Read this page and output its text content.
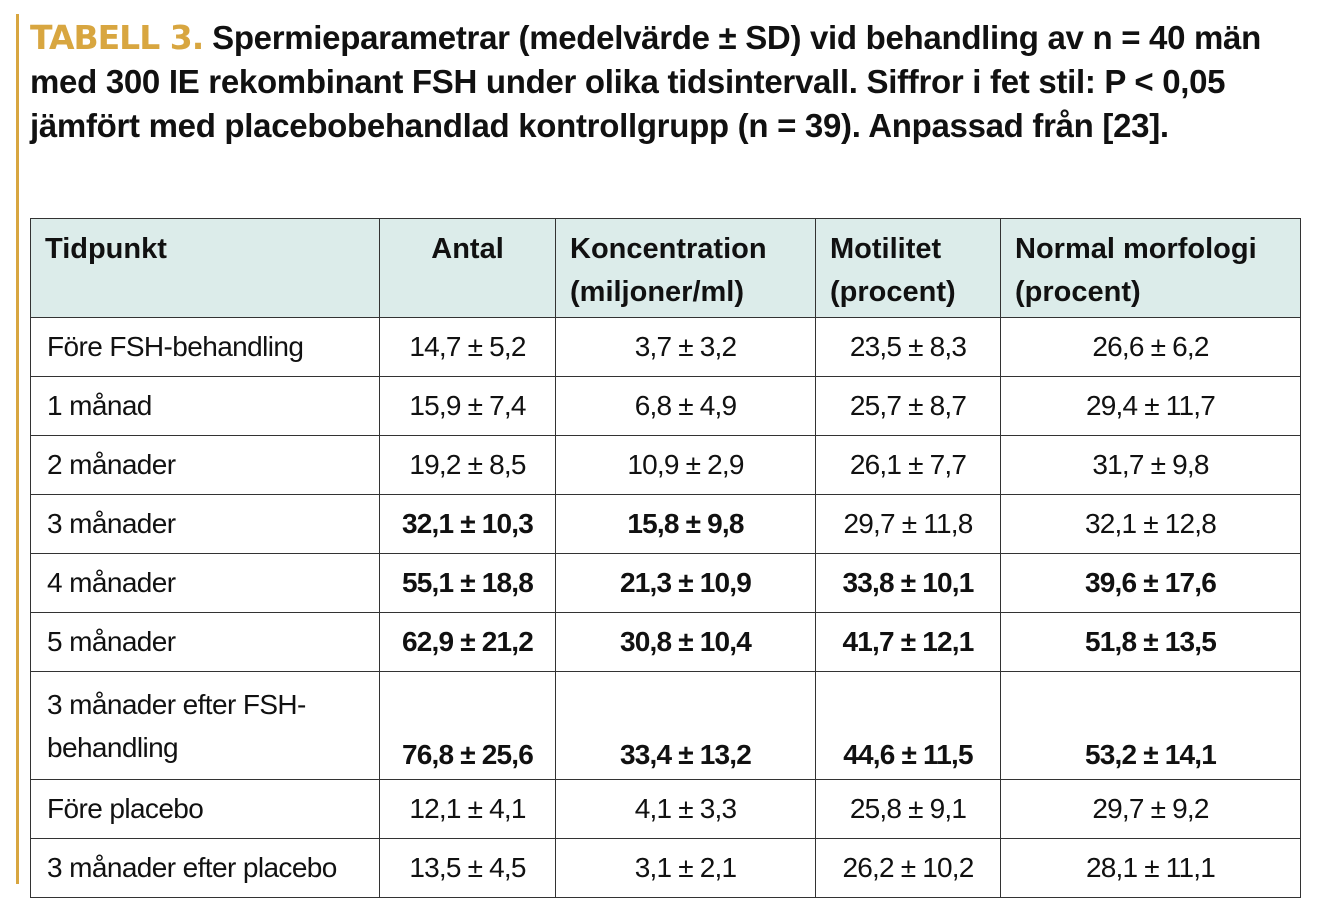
TABELL 3. Spermieparametrar (medelvärde ± SD) vid behandling av n = 40 män med 300 IE rekombinant FSH under olika tidsintervall. Siffror i fet stil: P < 0,05 jämfört med placebobehandlad kontrollgrupp (n = 39). Anpassad från [23].
Tidpunkt	Antal	Koncentration (miljoner/ml)	Motilitet (procent)	Normal morfologi (procent)
Före FSH-behandling	14,7 ± 5,2	3,7 ± 3,2	23,5 ± 8,3	26,6 ± 6,2
1 månad	15,9 ± 7,4	6,8 ± 4,9	25,7 ± 8,7	29,4 ± 11,7
2 månader	19,2 ± 8,5	10,9 ± 2,9	26,1 ± 7,7	31,7 ± 9,8
3 månader	32,1 ± 10,3	15,8 ± 9,8	29,7 ± 11,8	32,1 ± 12,8
4 månader	55,1 ± 18,8	21,3 ± 10,9	33,8 ± 10,1	39,6 ± 17,6
5 månader	62,9 ± 21,2	30,8 ± 10,4	41,7 ± 12,1	51,8 ± 13,5
3 månader efter FSH-behandling	76,8 ± 25,6	33,4 ± 13,2	44,6 ± 11,5	53,2 ± 14,1
Före placebo	12,1 ± 4,1	4,1 ± 3,3	25,8 ± 9,1	29,7 ± 9,2
3 månader efter placebo	13,5 ± 4,5	3,1 ± 2,1	26,2 ± 10,2	28,1 ± 11,1
